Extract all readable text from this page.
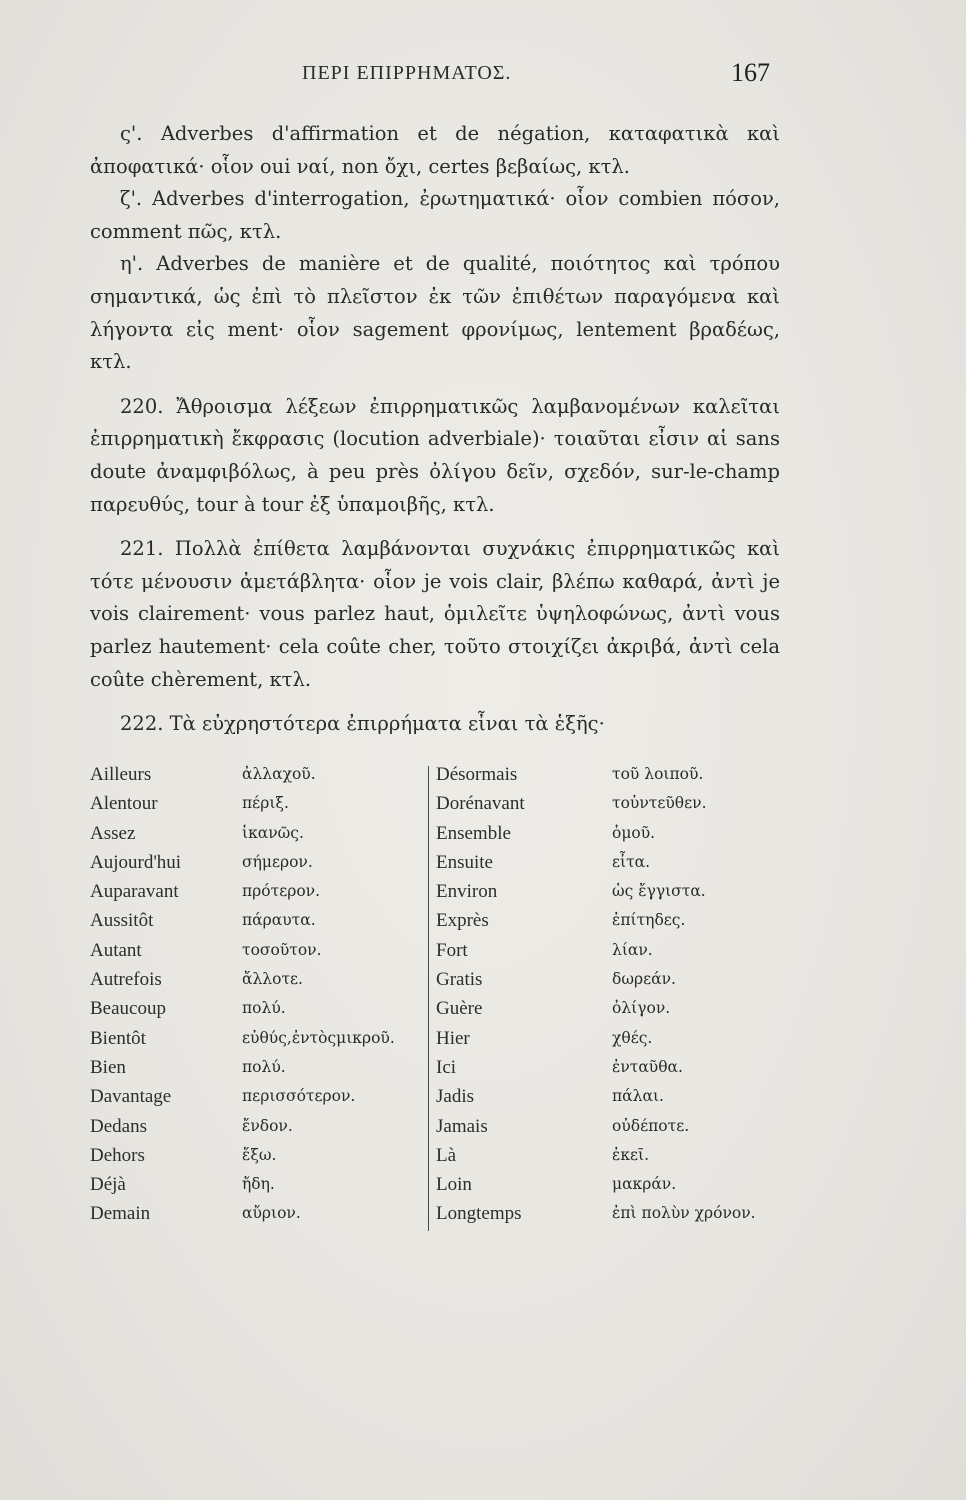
ΠΕΡΙ ΕΠΙΡΡΗΜΑΤΟΣ.	167

ς'. Adverbes d'affirmation et de négation, καταφατικὰ καὶ ἀποφατικά· οἷον oui ναί, non ὄχι, certes βεβαίως, κτλ.

ζ'. Adverbes d'interrogation, ἐρωτηματικά· οἷον combien πόσον, comment πῶς, κτλ.

η'. Adverbes de manière et de qualité, ποιότητος καὶ τρόπου σημαντικά, ὡς ἐπὶ τὸ πλεῖστον ἐκ τῶν ἐπιθέτων παραγόμενα καὶ λήγοντα εἰς ment· οἷον sagement φρονίμως, lentement βραδέως, κτλ.

220. Ἄθροισμα λέξεων ἐπιρρηματικῶς λαμβανομένων καλεῖται ἐπιρρηματικὴ ἔκφρασις (locution adverbiale)· τοιαῦται εἶσιν αἱ sans doute ἀναμφιβόλως, à peu près ὀλίγου δεῖν, σχεδόν, sur-le-champ παρευθύς, tour à tour ἐξ ὑπαμοιβῆς, κτλ.

221. Πολλὰ ἐπίθετα λαμβάνονται συχνάκις ἐπιρρηματικῶς καὶ τότε μένουσιν ἀμετάβλητα· οἷον je vois clair, βλέπω καθαρά, ἀντὶ je vois clairement· vous parlez haut, ὁμιλεῖτε ὑψηλοφώνως, ἀντὶ vous parlez hautement· cela coûte cher, τοῦτο στοιχίζει ἀκριβά, ἀντὶ cela coûte chèrement, κτλ.

222. Τὰ εὐχρηστότερα ἐπιρρήματα εἶναι τὰ ἑξῆς·

Ailleurs	ἀλλαχοῦ.
Alentour	πέριξ.
Assez	ἱκανῶς.
Aujourd'hui	σήμερον.
Auparavant	πρότερον.
Aussitôt	πάραυτα.
Autant	τοσοῦτον.
Autrefois	ἄλλοτε.
Beaucoup	πολύ.
Bientôt	εὐθύς,ἐντὸςμικροῦ.
Bien	πολύ.
Davantage	περισσότερον.
Dedans	ἔνδον.
Dehors	ἔξω.
Déjà	ἤδη.
Demain	αὔριον.
Désormais	τοῦ λοιποῦ.
Dorénavant	τοὐντεῦθεν.
Ensemble	ὁμοῦ.
Ensuite	εἶτα.
Environ	ὡς ἔγγιστα.
Exprès	ἐπίτηδες.
Fort	λίαν.
Gratis	δωρεάν.
Guère	ὀλίγον.
Hier	χθές.
Ici	ἐνταῦθα.
Jadis	πάλαι.
Jamais	οὐδέποτε.
Là	ἐκεῖ.
Loin	μακράν.
Longtemps	ἐπὶ πολὺν χρόνον.
